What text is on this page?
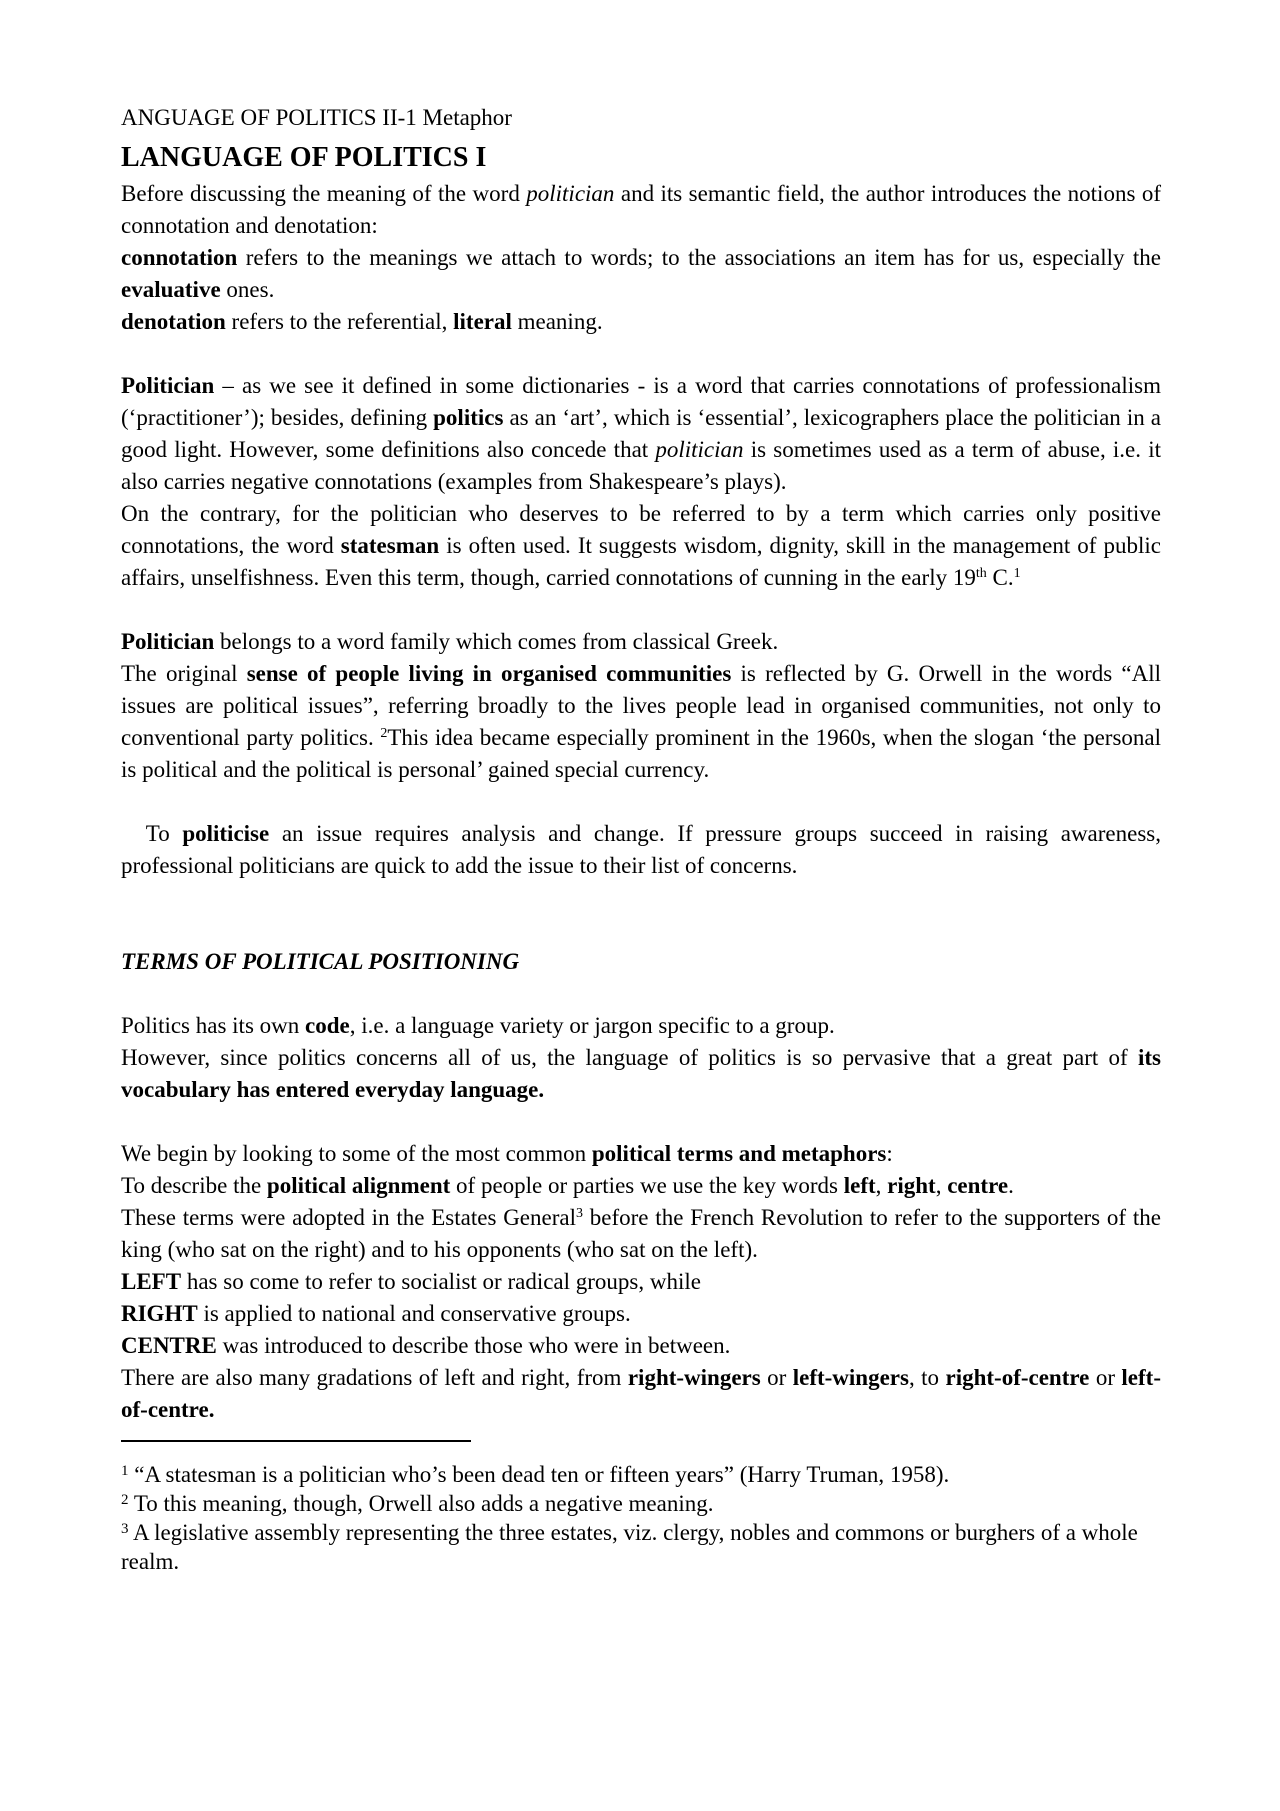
ANGUAGE OF POLITICS II-1 Metaphor
LANGUAGE OF POLITICS I

Before discussing the meaning of the word politician and its semantic field, the author introduces the notions of connotation and denotation:

connotation refers to the meanings we attach to words; to the associations an item has for us, especially the evaluative ones.

denotation refers to the referential, literal meaning.

Politician – as we see it defined in some dictionaries - is a word that carries connotations of professionalism (‘practitioner’); besides, defining politics as an ‘art’, which is ‘essential’, lexicographers place the politician in a good light. However, some definitions also concede that politician is sometimes used as a term of abuse, i.e. it also carries negative connotations (examples from Shakespeare’s plays).

On the contrary, for the politician who deserves to be referred to by a term which carries only positive connotations, the word statesman is often used. It suggests wisdom, dignity, skill in the management of public affairs, unselfishness. Even this term, though, carried connotations of cunning in the early 19th C.$^1$

Politician belongs to a word family which comes from classical Greek.

The original sense of people living in organised communities is reflected by G. Orwell in the words “All issues are political issues”, referring broadly to the lives people lead in organised communities, not only to conventional party politics. $^2$This idea became especially prominent in the 1960s, when the slogan ‘the personal is political and the political is personal’ gained special currency.

To politicise an issue requires analysis and change. If pressure groups succeed in raising awareness, professional politicians are quick to add the issue to their list of concerns.

TERMS OF POLITICAL POSITIONING

Politics has its own code, i.e. a language variety or jargon specific to a group.

However, since politics concerns all of us, the language of politics is so pervasive that a great part of its vocabulary has entered everyday language.

We begin by looking to some of the most common political terms and metaphors:

To describe the political alignment of people or parties we use the key words left, right, centre.

These terms were adopted in the Estates General$^3$ before the French Revolution to refer to the supporters of the king (who sat on the right) and to his opponents (who sat on the left).

LEFT has so come to refer to socialist or radical groups, while

RIGHT is applied to national and conservative groups.

CENTRE was introduced to describe those who were in between.

There are also many gradations of left and right, from right-wingers or left-wingers, to right-of-centre or left-of-centre.

$^1$ “A statesman is a politician who’s been dead ten or fifteen years” (Harry Truman, 1958).

$^2$ To this meaning, though, Orwell also adds a negative meaning.

$^3$ A legislative assembly representing the three estates, viz. clergy, nobles and commons or burghers of a whole realm.
